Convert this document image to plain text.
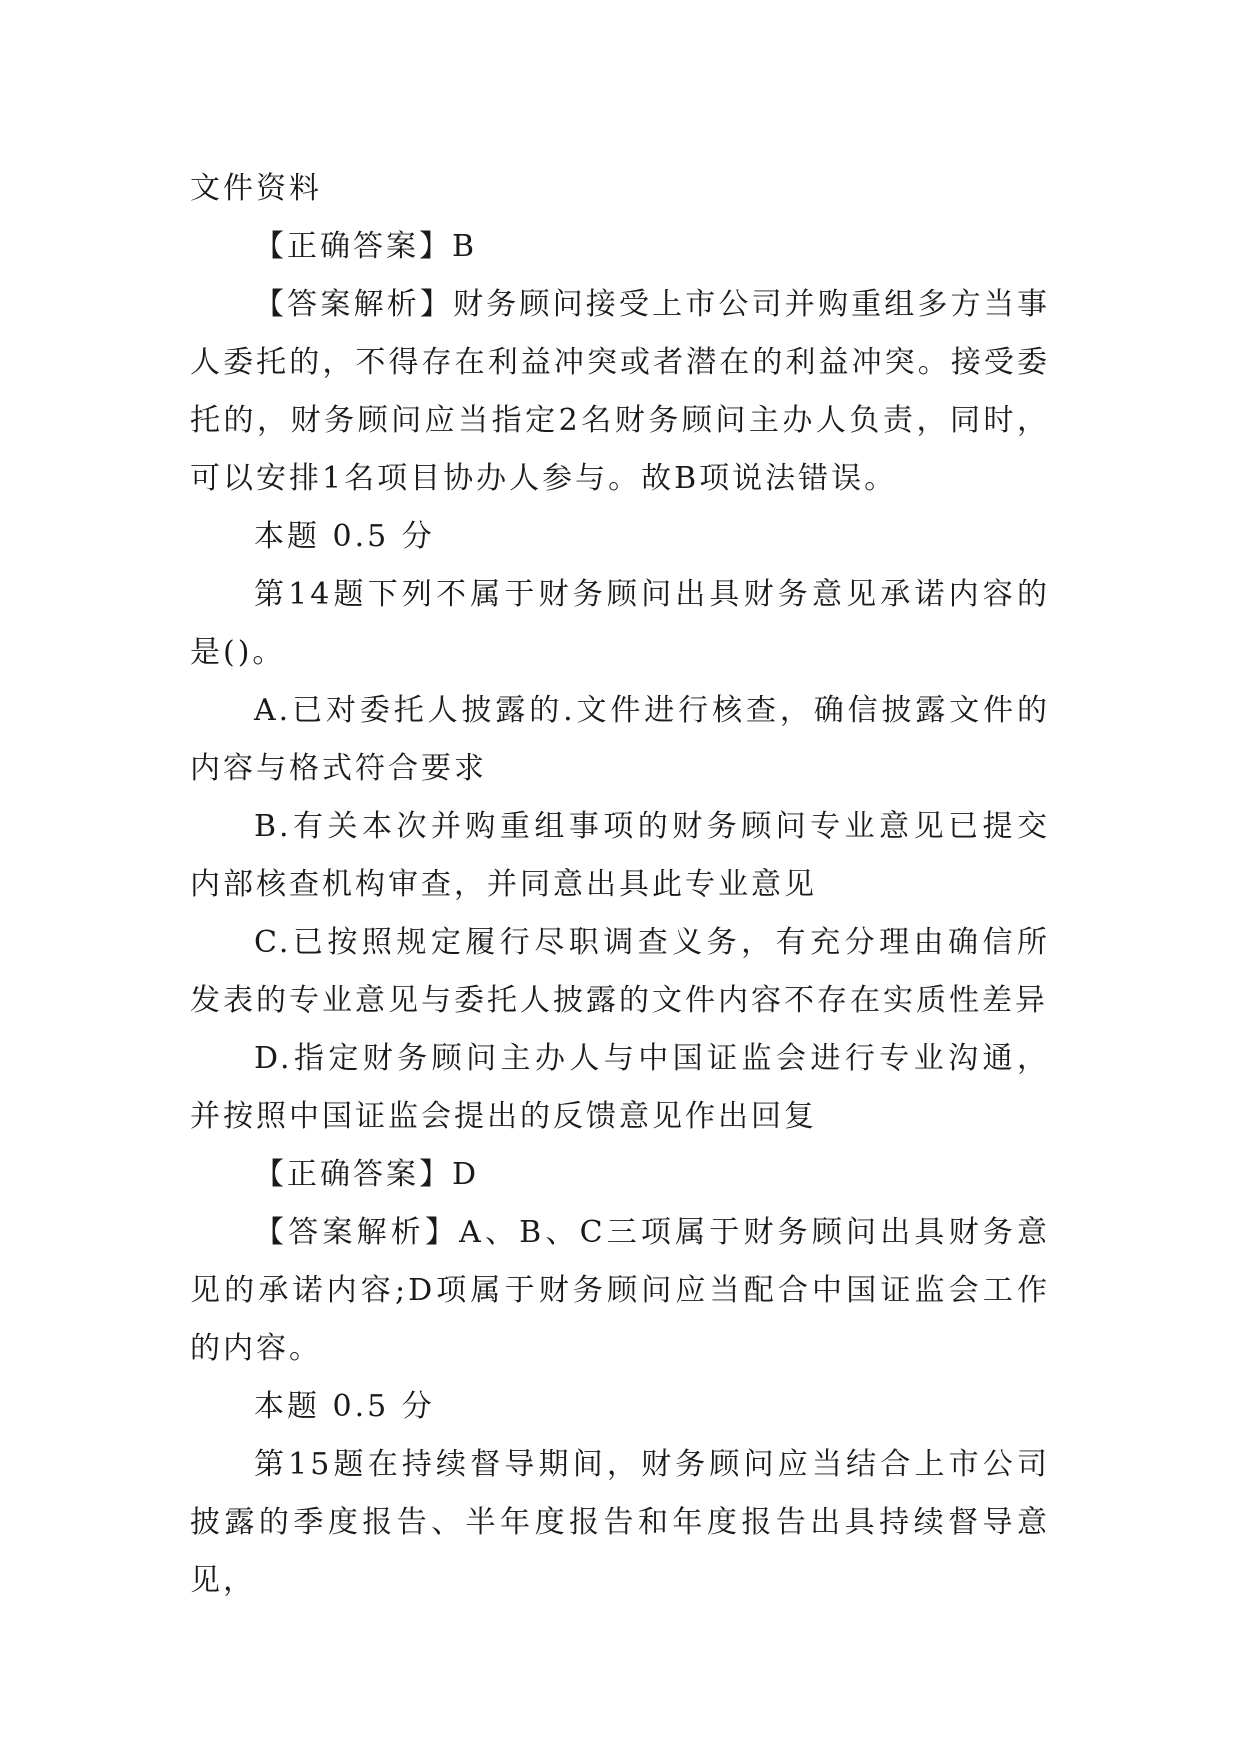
文件资料

【正确答案】B

【答案解析】财务顾问接受上市公司并购重组多方当事人委托的，不得存在利益冲突或者潜在的利益冲突。接受委托的，财务顾问应当指定2名财务顾问主办人负责，同时，可以安排1名项目协办人参与。故B项说法错误。

本题 0.5 分

第14题下列不属于财务顾问出具财务意见承诺内容的是()。

A.已对委托人披露的.文件进行核查，确信披露文件的内容与格式符合要求

B.有关本次并购重组事项的财务顾问专业意见已提交内部核查机构审查，并同意出具此专业意见

C.已按照规定履行尽职调查义务，有充分理由确信所发表的专业意见与委托人披露的文件内容不存在实质性差异

D.指定财务顾问主办人与中国证监会进行专业沟通，并按照中国证监会提出的反馈意见作出回复

【正确答案】D

【答案解析】A、B、C三项属于财务顾问出具财务意见的承诺内容;D项属于财务顾问应当配合中国证监会工作的内容。

本题 0.5 分

第15题在持续督导期间，财务顾问应当结合上市公司披露的季度报告、半年度报告和年度报告出具持续督导意见，
